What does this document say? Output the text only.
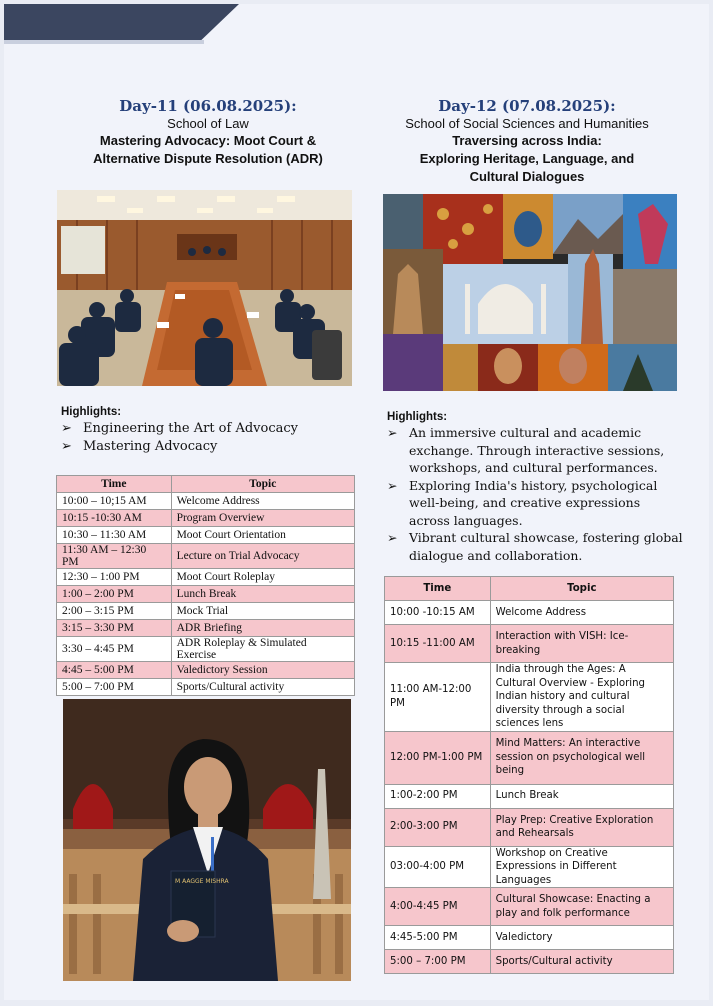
Day-11 (06.08.2025):
School of Law
Mastering Advocacy: Moot Court &
Alternative Dispute Resolution (ADR)
Highlights:
➢ Engineering the Art of Advocacy
➢ Mastering Advocacy
Time	Topic
10:00 – 10;15 AM	Welcome Address
10:15 -10:30 AM	Program Overview
10:30 – 11:30 AM	Moot Court Orientation
11:30 AM – 12:30 PM	Lecture on Trial Advocacy
12:30 – 1:00 PM	Moot Court Roleplay
1:00 – 2:00 PM	Lunch Break
2:00 – 3:15 PM	Mock Trial
3:15 – 3:30 PM	ADR Briefing
3:30 – 4:45 PM	ADR Roleplay & Simulated Exercise
4:45 – 5:00 PM	Valedictory Session
5:00 – 7:00 PM	Sports/Cultural activity
M AAGGE MISHRA
Day-12 (07.08.2025):
School of Social Sciences and Humanities
Traversing across India:
Exploring Heritage, Language, and
Cultural Dialogues
Highlights:
➢ An immersive cultural and academic
exchange. Through interactive sessions,
workshops, and cultural performances.
➢ Exploring India's history, psychological
well-being, and creative expressions
across languages.
➢ Vibrant cultural showcase, fostering global
dialogue and collaboration.
Time	Topic
10:00 -10:15 AM	Welcome Address
10:15 -11:00 AM	Interaction with VISH: Ice-breaking
11:00 AM-12:00 PM	India through the Ages: A Cultural Overview - Exploring Indian history and cultural diversity through a social sciences lens
12:00 PM-1:00 PM	Mind Matters: An interactive session on psychological well being
1:00-2:00 PM	Lunch Break
2:00-3:00 PM	Play Prep: Creative Exploration and Rehearsals
03:00-4:00 PM	Workshop on Creative Expressions in Different Languages
4:00-4:45 PM	Cultural Showcase: Enacting a play and folk performance
4:45-5:00 PM	Valedictory
5:00 – 7:00 PM	Sports/Cultural activity
